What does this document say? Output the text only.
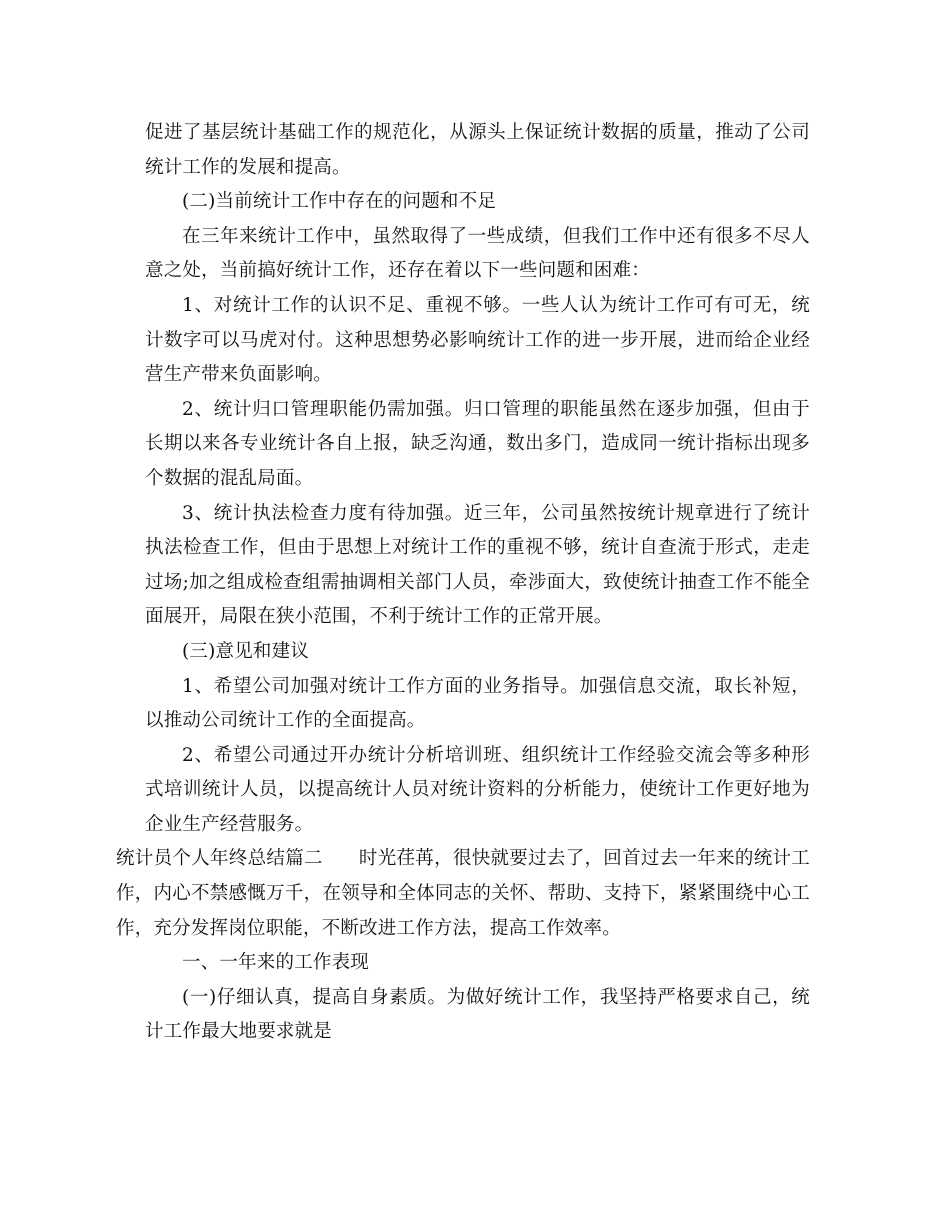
促进了基层统计基础工作的规范化，从源头上保证统计数据的质量，推动了公司统计工作的发展和提高。

(二)当前统计工作中存在的问题和不足

在三年来统计工作中，虽然取得了一些成绩，但我们工作中还有很多不尽人意之处，当前搞好统计工作，还存在着以下一些问题和困难：

1、对统计工作的认识不足、重视不够。一些人认为统计工作可有可无，统计数字可以马虎对付。这种思想势必影响统计工作的进一步开展，进而给企业经营生产带来负面影响。

2、统计归口管理职能仍需加强。归口管理的职能虽然在逐步加强，但由于长期以来各专业统计各自上报，缺乏沟通，数出多门，造成同一统计指标出现多个数据的混乱局面。

3、统计执法检查力度有待加强。近三年，公司虽然按统计规章进行了统计执法检查工作，但由于思想上对统计工作的重视不够，统计自查流于形式，走走过场;加之组成检查组需抽调相关部门人员，牵涉面大，致使统计抽查工作不能全面展开，局限在狭小范围，不利于统计工作的正常开展。

(三)意见和建议

1、希望公司加强对统计工作方面的业务指导。加强信息交流，取长补短，以推动公司统计工作的全面提高。

2、希望公司通过开办统计分析培训班、组织统计工作经验交流会等多种形式培训统计人员，以提高统计人员对统计资料的分析能力，使统计工作更好地为企业生产经营服务。

统计员个人年终总结篇二 时光荏苒，很快就要过去了，回首过去一年来的统计工作，内心不禁感慨万千，在领导和全体同志的关怀、帮助、支持下，紧紧围绕中心工作，充分发挥岗位职能，不断改进工作方法，提高工作效率。

一、一年来的工作表现

(一)仔细认真，提高自身素质。为做好统计工作，我坚持严格要求自己，统计工作最大地要求就是
